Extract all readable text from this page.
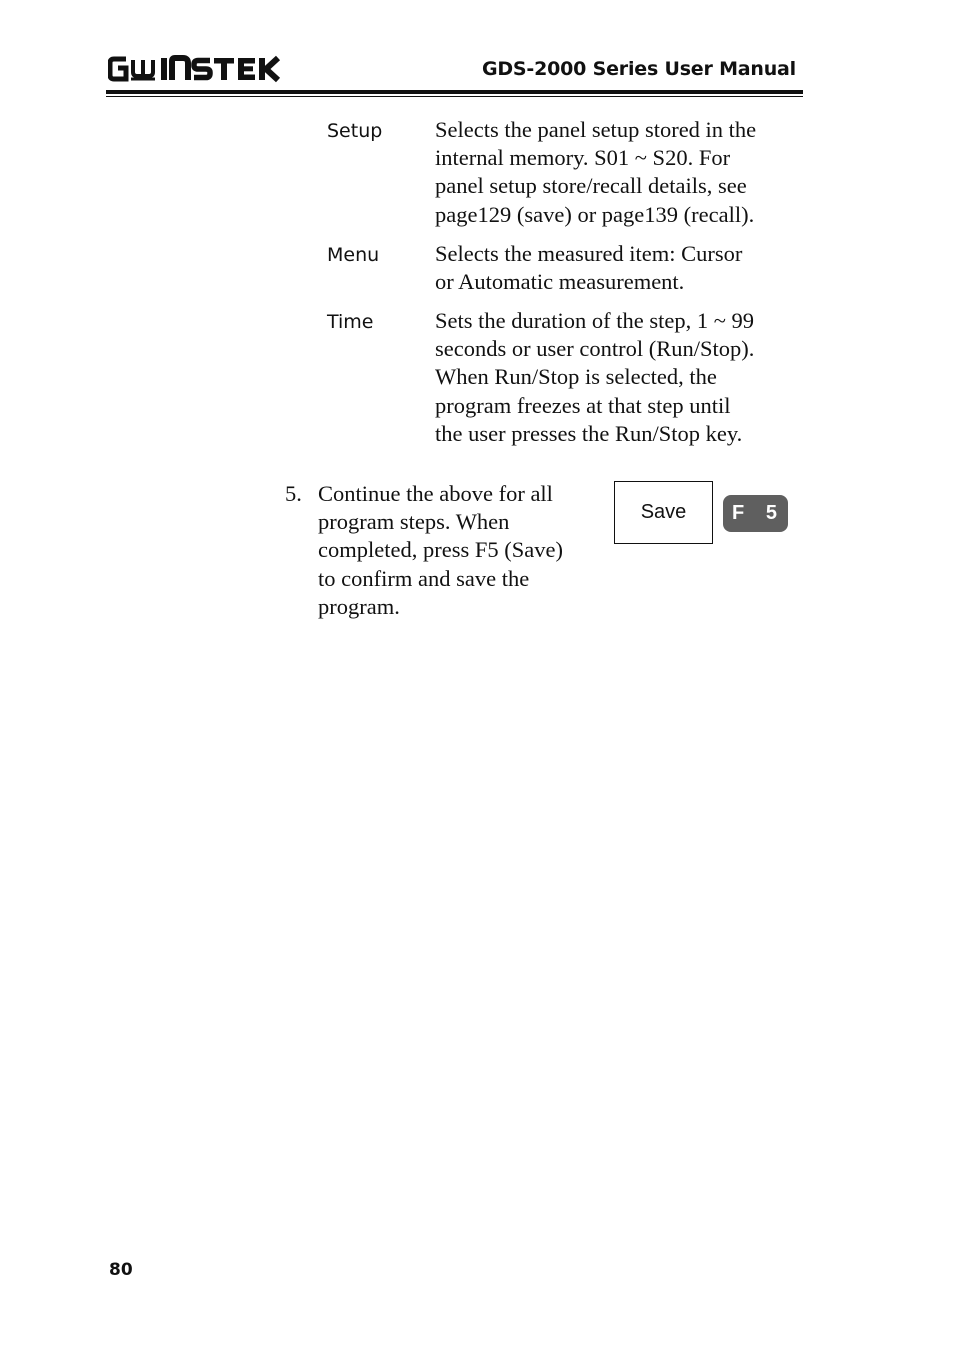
GDS-2000 Series User Manual
Setup Selects the panel setup stored in the
internal memory. S01 ~ S20. For
panel setup store/recall details, see
page129 (save) or page139 (recall).
Menu Selects the measured item: Cursor
or Automatic measurement.
Time	Sets the duration of the step, 1 ~ 99
seconds or user control (Run/Stop).
When Run/Stop is selected, the
program freezes at that step until
the user presses the Run/Stop key.
5. Continue the above for all
program steps. When
completed, press F5 (Save)
to confirm and save the
program.
Save	F 5
80
